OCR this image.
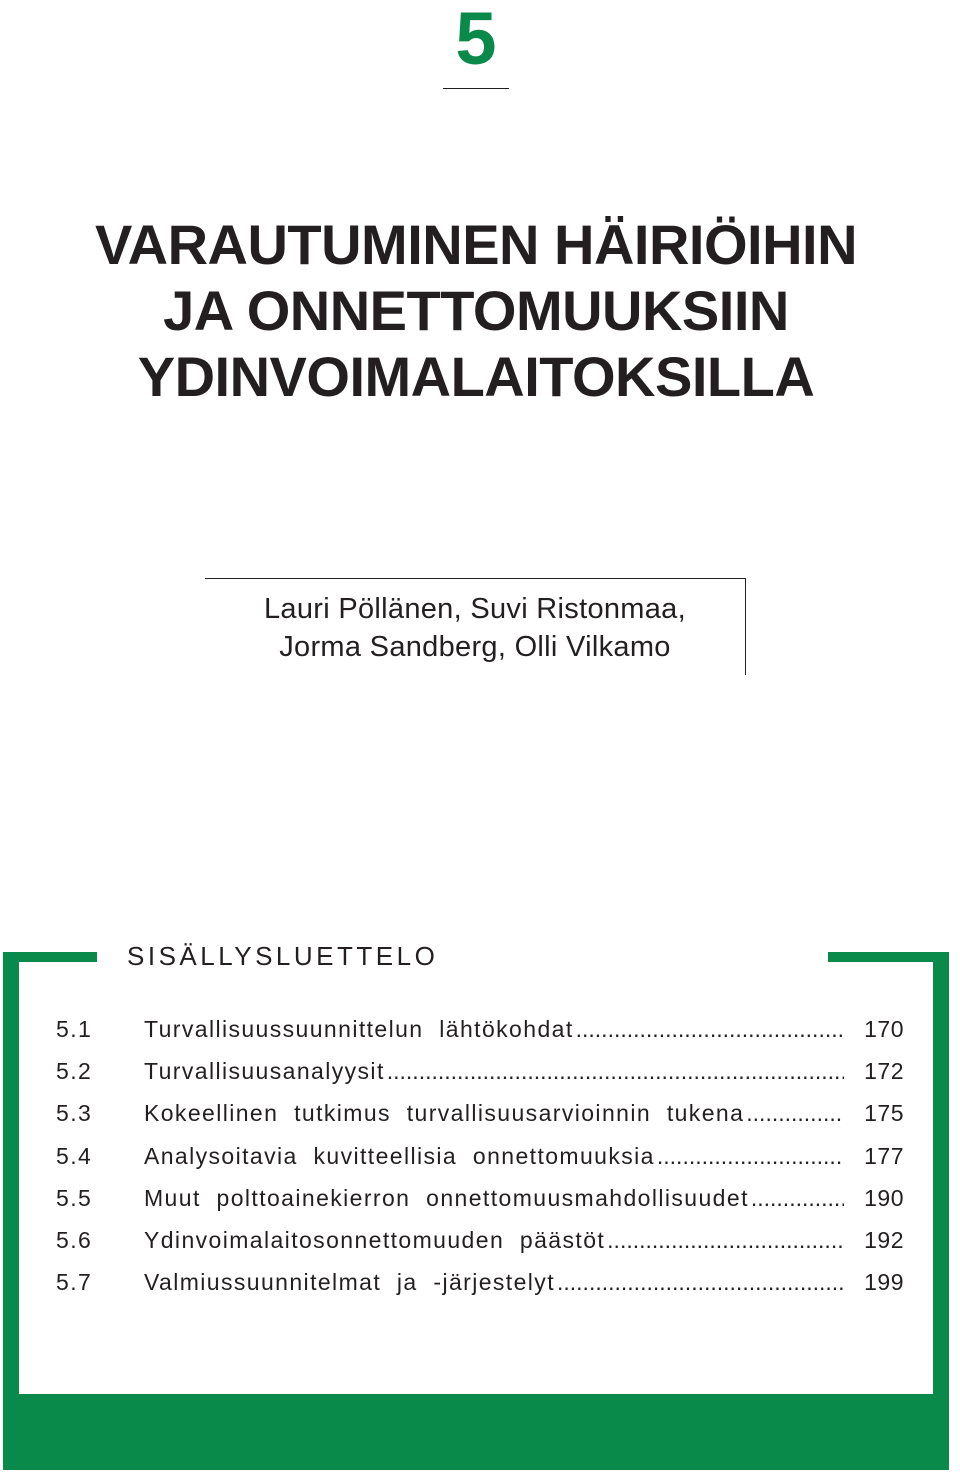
5
VARAUTUMINEN HÄIRIÖIHIN
JA ONNETTOMUUKSIIN
YDINVOIMALAITOKSILLA
Lauri Pöllänen, Suvi Ristonmaa,
Jorma Sandberg, Olli Vilkamo
SISÄLLYSLUETTELO
5.1 Turvallisuussuunnittelun lähtökohdat .....	170
5.2 Turvallisuusanalyysit .....	172
5.3 Kokeellinen tutkimus turvallisuusarvioinnin tukena .....	175
5.4 Analysoitavia kuvitteellisia onnettomuuksia .....	177
5.5 Muut polttoainekierron onnettomuusmahdollisuudet .....	190
5.6 Ydinvoimalaitosonnettomuuden päästöt .....	192
5.7 Valmiussuunnitelmat ja -järjestelyt .....	199
